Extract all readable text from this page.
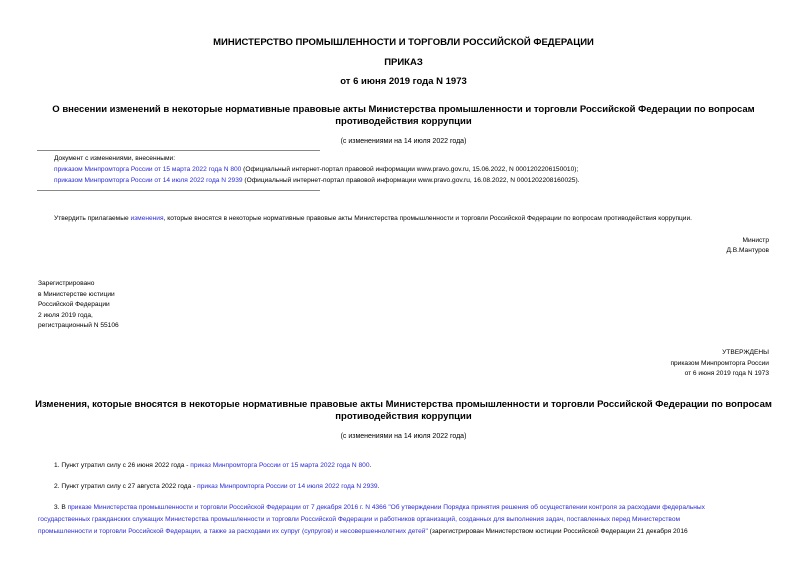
МИНИСТЕРСТВО ПРОМЫШЛЕННОСТИ И ТОРГОВЛИ РОССИЙСКОЙ ФЕДЕРАЦИИ
ПРИКАЗ
от 6 июня 2019 года N 1973
О внесении изменений в некоторые нормативные правовые акты Министерства промышленности и торговли Российской Федерации по вопросам
противодействия коррупции
(с изменениями на 14 июля 2022 года)
Документ с изменениями, внесенными:
приказом Минпромторга России от 15 марта 2022 года N 800 (Официальный интернет-портал правовой информации www.pravo.gov.ru, 15.06.2022, N 0001202206150010);
приказом Минпромторга России от 14 июля 2022 года N 2939 (Официальный интернет-портал правовой информации www.pravo.gov.ru, 16.08.2022, N 0001202208160025).
Утвердить прилагаемые изменения, которые вносятся в некоторые нормативные правовые акты Министерства промышленности и торговли Российской Федерации по вопросам противодействия коррупции.
Министр
Д.В.Мантуров
Зарегистрировано
в Министерстве юстиции
Российской Федерации
2 июля 2019 года,
регистрационный N 55106
УТВЕРЖДЕНЫ
приказом Минпромторга России
от 6 июня 2019 года N 1973
Изменения, которые вносятся в некоторые нормативные правовые акты Министерства промышленности и торговли Российской Федерации по вопросам
противодействия коррупции
(с изменениями на 14 июля 2022 года)
1. Пункт утратил силу с 26 июня 2022 года - приказ Минпромторга России от 15 марта 2022 года N 800.
2. Пункт утратил силу с 27 августа 2022 года - приказ Минпромторга России от 14 июля 2022 года N 2939.
3. В приказе Министерства промышленности и торговли Российской Федерации от 7 декабря 2016 г. N 4366 "Об утверждении Порядка принятия решения об осуществлении контроля за расходами федеральных
государственных гражданских служащих Министерства промышленности и торговли Российской Федерации и работников организаций, созданных для выполнения задач, поставленных перед Министерством
промышленности и торговли Российской Федерации, а также за расходами их супруг (супругов) и несовершеннолетних детей" (зарегистрирован Министерством юстиции Российской Федерации 21 декабря 2016
